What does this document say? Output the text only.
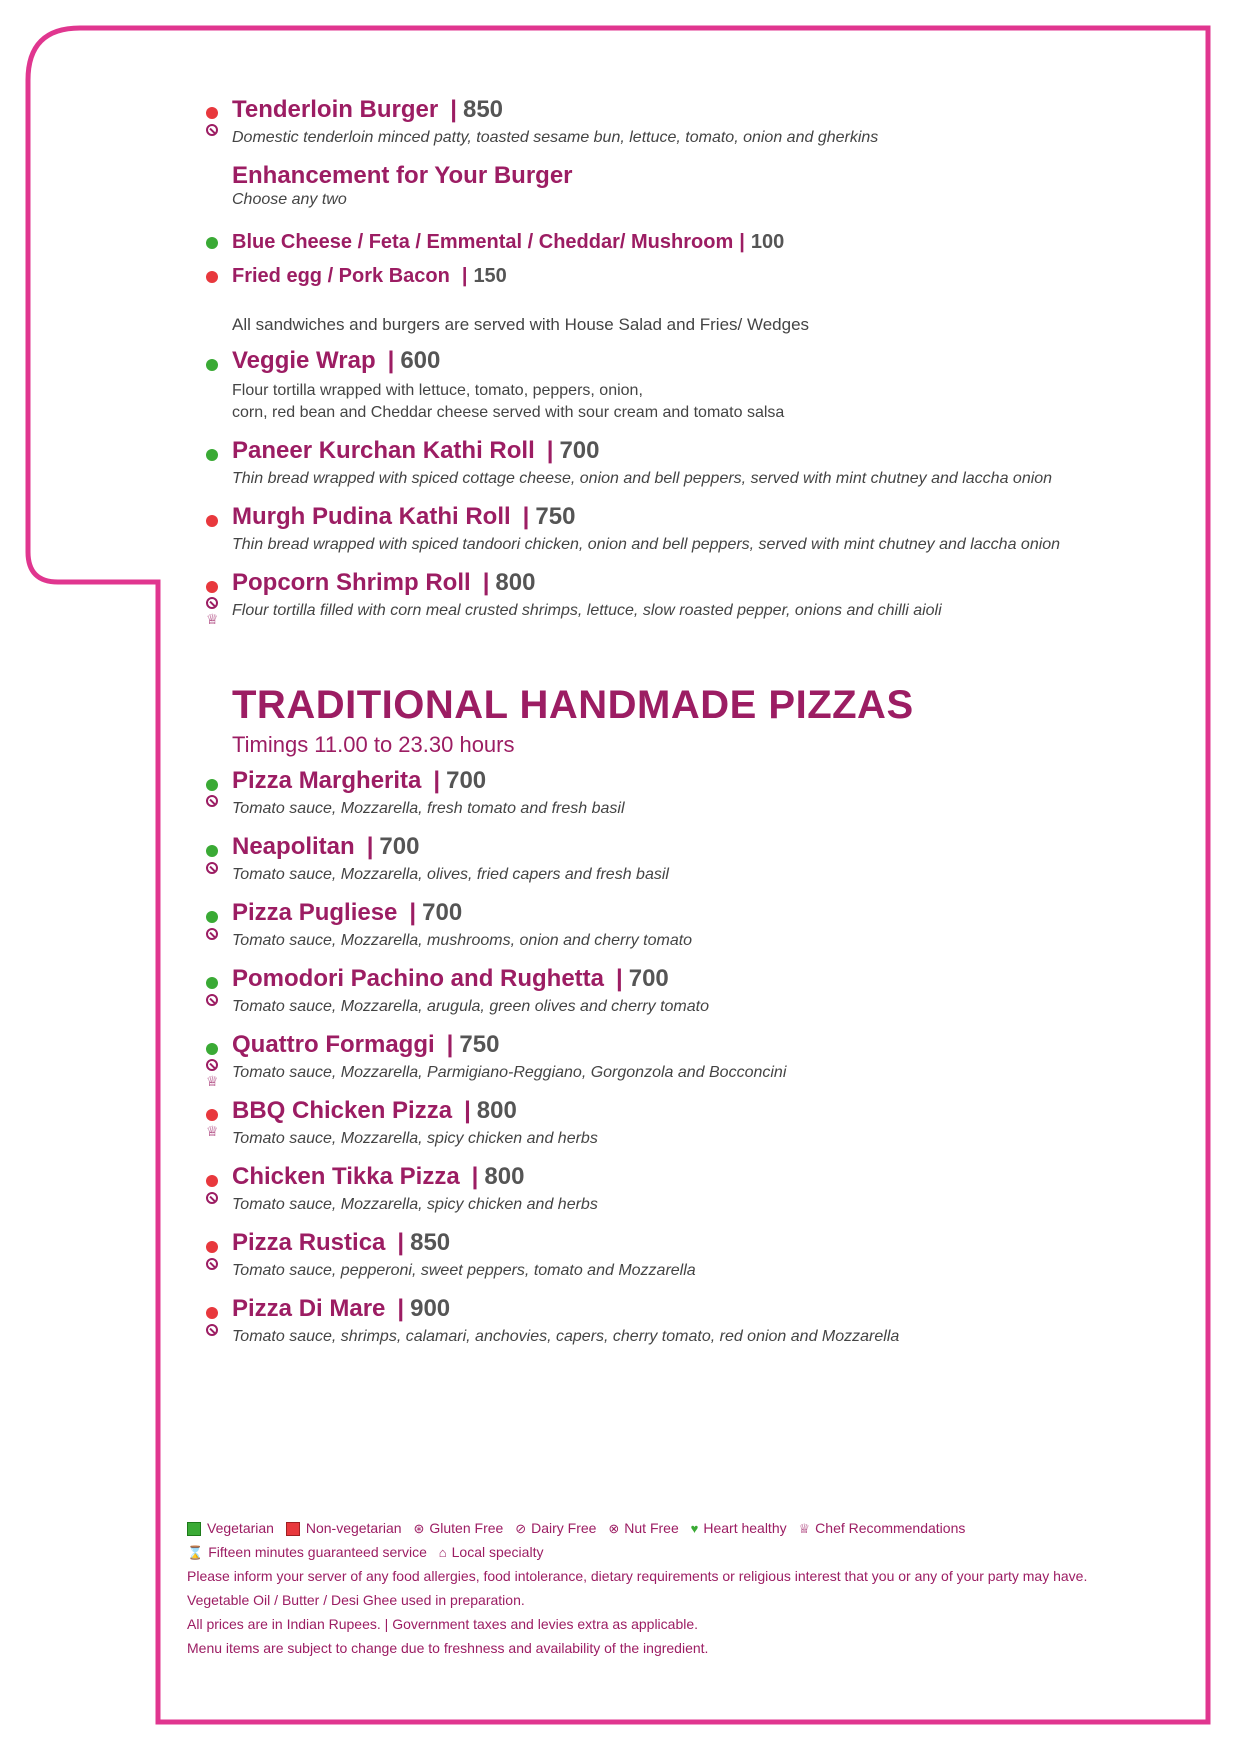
Tenderloin Burger | 850
Domestic tenderloin minced patty, toasted sesame bun, lettuce, tomato, onion and gherkins
Enhancement for Your Burger
Choose any two
Blue Cheese / Feta / Emmental / Cheddar/ Mushroom | 100
Fried egg / Pork Bacon | 150
All sandwiches and burgers are served with House Salad and Fries/ Wedges
Veggie Wrap | 600
Flour tortilla wrapped with lettuce, tomato, peppers, onion,
corn, red bean and Cheddar cheese served with sour cream and tomato salsa
Paneer Kurchan Kathi Roll | 700
Thin bread wrapped with spiced cottage cheese, onion and bell peppers, served with mint chutney and laccha onion
Murgh Pudina Kathi Roll | 750
Thin bread wrapped with spiced tandoori chicken, onion and bell peppers, served with mint chutney and laccha onion
♕
Popcorn Shrimp Roll | 800
Flour tortilla filled with corn meal crusted shrimps, lettuce, slow roasted pepper, onions and chilli aioli
TRADITIONAL HANDMADE PIZZAS
Timings 11.00 to 23.30 hours
Pizza Margherita | 700
Tomato sauce, Mozzarella, fresh tomato and fresh basil
Neapolitan | 700
Tomato sauce, Mozzarella, olives, fried capers and fresh basil
Pizza Pugliese | 700
Tomato sauce, Mozzarella, mushrooms, onion and cherry tomato
Pomodori Pachino and Rughetta | 700
Tomato sauce, Mozzarella, arugula, green olives and cherry tomato
♕
Quattro Formaggi | 750
Tomato sauce, Mozzarella, Parmigiano-Reggiano, Gorgonzola and Bocconcini
♕
BBQ Chicken Pizza | 800
Tomato sauce, Mozzarella, spicy chicken and herbs
Chicken Tikka Pizza | 800
Tomato sauce, Mozzarella, spicy chicken and herbs
Pizza Rustica | 850
Tomato sauce, pepperoni, sweet peppers, tomato and Mozzarella
Pizza Di Mare | 900
Tomato sauce, shrimps, calamari, anchovies, capers, cherry tomato, red onion and Mozzarella
Vegetarian Non-vegetarian ⊛ Gluten Free ⊘ Dairy Free ⊗ Nut Free ♥ Heart healthy ♕ Chef Recommendations
⌛ Fifteen minutes guaranteed service ⌂ Local specialty
Please inform your server of any food allergies, food intolerance, dietary requirements or religious interest that you or any of your party may have.
Vegetable Oil / Butter / Desi Ghee used in preparation.
All prices are in Indian Rupees. | Government taxes and levies extra as applicable.
Menu items are subject to change due to freshness and availability of the ingredient.
